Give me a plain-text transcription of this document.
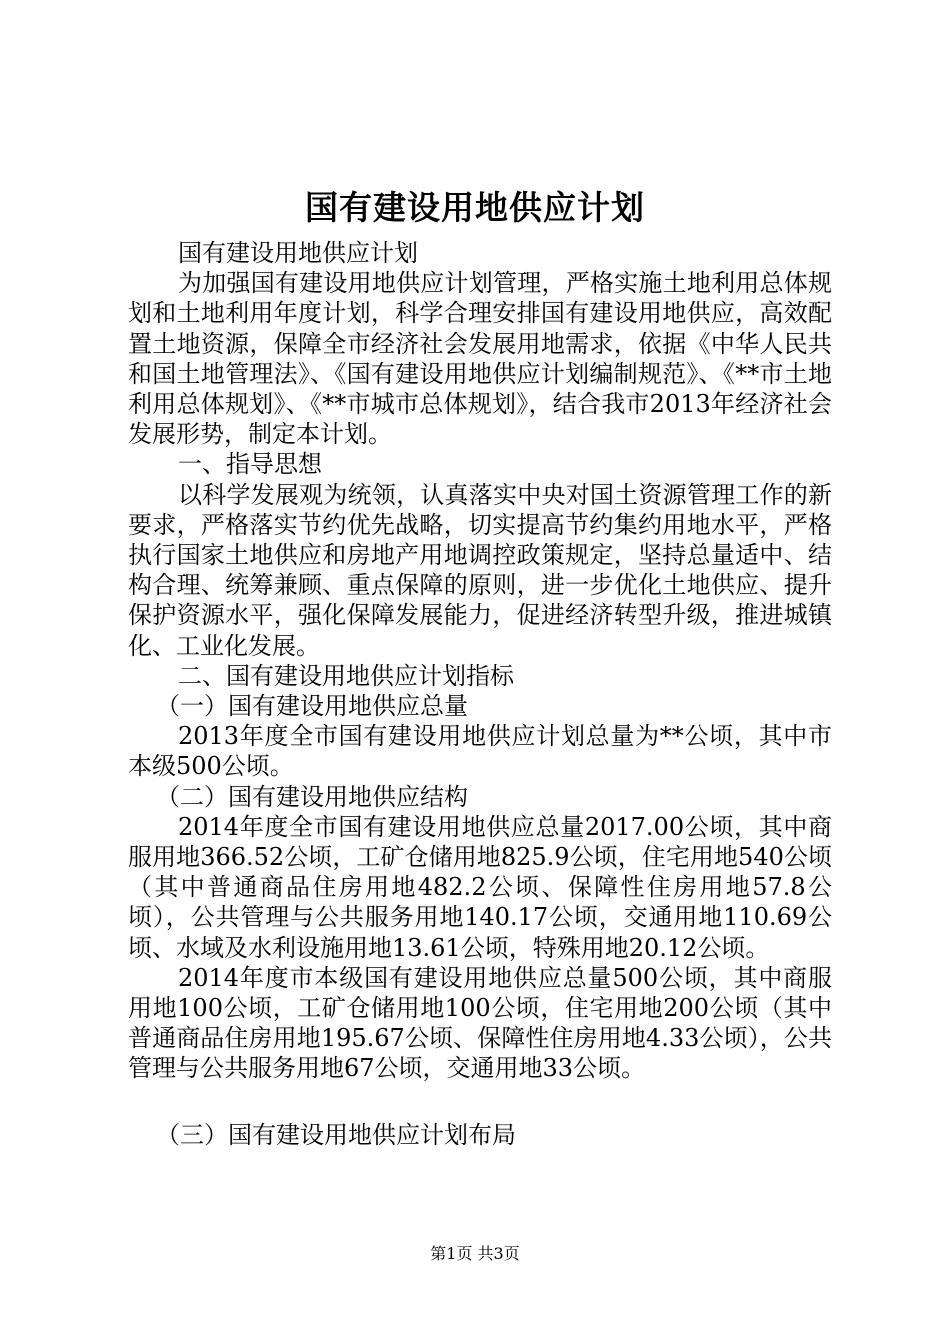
国有建设用地供应计划

国有建设用地供应计划

为加强国有建设用地供应计划管理，严格实施土地利用总体规划和土地利用年度计划，科学合理安排国有建设用地供应，高效配置土地资源，保障全市经济社会发展用地需求，依据《中华人民共和国土地管理法》、《国有建设用地供应计划编制规范》、《**市土地利用总体规划》、《**市城市总体规划》，结合我市2013年经济社会发展形势，制定本计划。

一、指导思想

以科学发展观为统领，认真落实中央对国土资源管理工作的新要求，严格落实节约优先战略，切实提高节约集约用地水平，严格执行国家土地供应和房地产用地调控政策规定，坚持总量适中、结构合理、统筹兼顾、重点保障的原则，进一步优化土地供应、提升保护资源水平，强化保障发展能力，促进经济转型升级，推进城镇化、工业化发展。

二、国有建设用地供应计划指标

（一）国有建设用地供应总量

2013年度全市国有建设用地供应计划总量为**公顷，其中市本级500公顷。

（二）国有建设用地供应结构

2014年度全市国有建设用地供应总量2017.00公顷，其中商服用地366.52公顷，工矿仓储用地825.9公顷，住宅用地540公顷（其中普通商品住房用地482.2公顷、保障性住房用地57.8公顷），公共管理与公共服务用地140.17公顷，交通用地110.69公顷、水域及水利设施用地13.61公顷，特殊用地20.12公顷。

2014年度市本级国有建设用地供应总量500公顷，其中商服用地100公顷，工矿仓储用地100公顷，住宅用地200公顷（其中普通商品住房用地195.67公顷、保障性住房用地4.33公顷），公共管理与公共服务用地67公顷，交通用地33公顷。

（三）国有建设用地供应计划布局

第1页 共3页
